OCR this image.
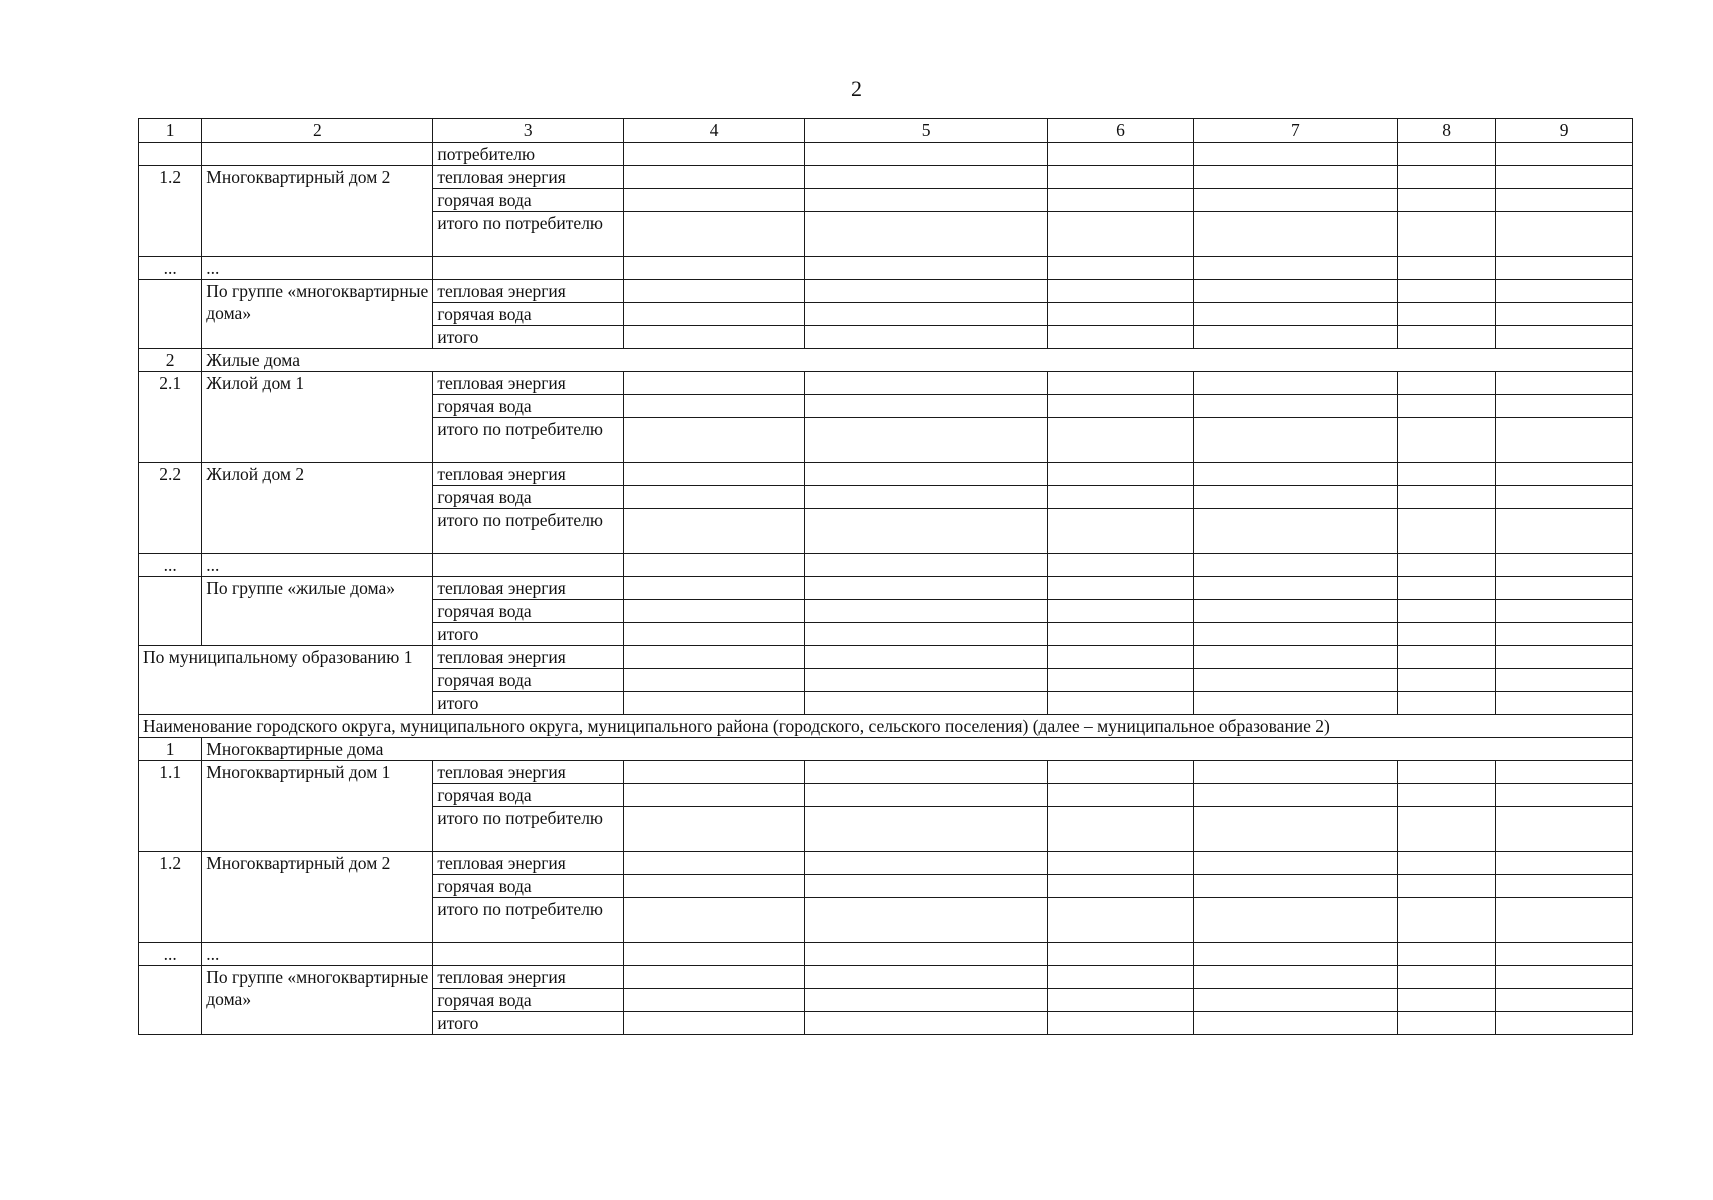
2
1	2	3	4	5	6	7	8	9
		потребителю						
1.2	Многоквартирный дом 2	тепловая энергия						
		горячая вода						
		итого по потребителю						
...	...							
	По группе «многоквартирные дома»	тепловая энергия						
		горячая вода						
		итого						
2	Жилые дома							
2.1	Жилой дом 1	тепловая энергия						
		горячая вода						
		итого по потребителю						
2.2	Жилой дом 2	тепловая энергия						
		горячая вода						
		итого по потребителю						
...	...							
	По группе «жилые дома»	тепловая энергия						
		горячая вода						
		итого						
По муниципальному образованию 1		тепловая энергия						
		горячая вода						
		итого						
Наименование городского округа, муниципального округа, муниципального района (городского, сельского поселения) (далее – муниципальное образование 2)								
1	Многоквартирные дома							
1.1	Многоквартирный дом 1	тепловая энергия						
		горячая вода						
		итого по потребителю						
1.2	Многоквартирный дом 2	тепловая энергия						
		горячая вода						
		итого по потребителю						
...	...							
	По группе «многоквартирные дома»	тепловая энергия						
		горячая вода						
		итого						
